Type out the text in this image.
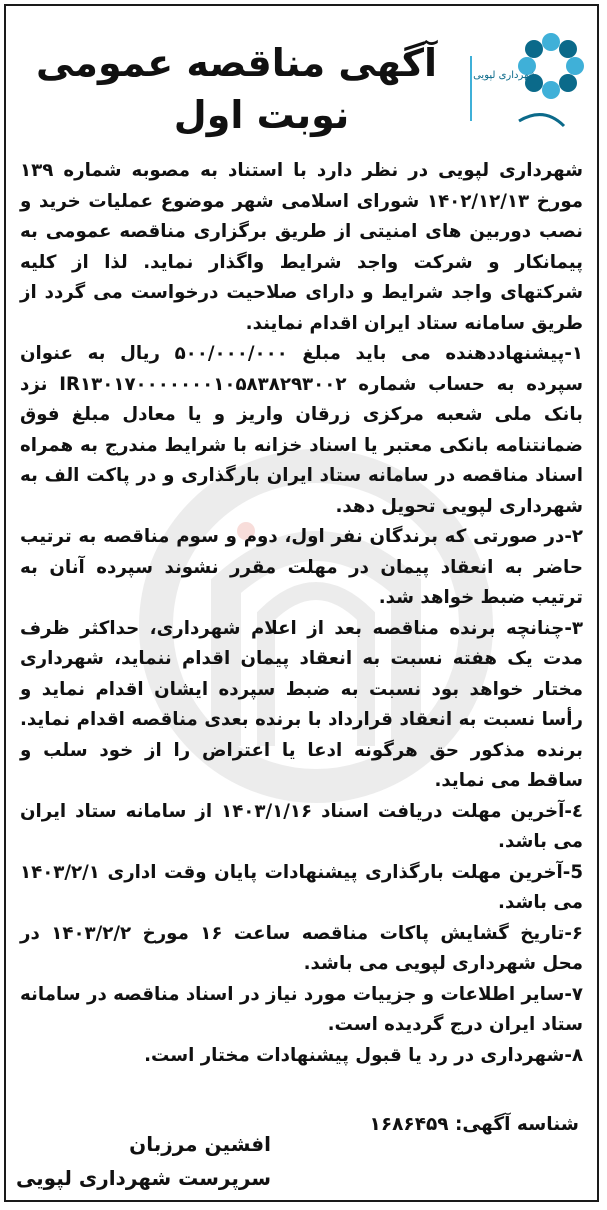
شهرداری لپویی
آگهی مناقصه عمومی
نوبت اول

شهرداری لپویی در نظر دارد با استناد به مصوبه شماره ۱۳۹ مورخ ۱۴۰۲/۱۲/۱۳ شورای اسلامی شهر موضوع عملیات خرید و نصب دوربین های امنیتی از طریق برگزاری مناقصه عمومی به پیمانکار و شرکت واجد شرایط واگذار نماید. لذا از کلیه شرکتهای واجد شرایط و دارای صلاحیت درخواست می گردد از طریق سامانه ستاد ایران اقدام نمایند.

۱-پیشنهاددهنده می باید مبلغ ۵۰۰/۰۰۰/۰۰۰ ریال به عنوان سپرده به حساب شماره IR۱۳۰۱۷۰۰۰۰۰۰۰۱۰۵۸۳۸۲۹۳۰۰۲ نزد بانک ملی شعبه مرکزی زرقان واریز و یا معادل مبلغ فوق ضمانتنامه بانکی معتبر یا اسناد خزانه با شرایط مندرج به همراه اسناد مناقصه در سامانه ستاد ایران بارگذاری و در پاکت الف به شهرداری لپویی تحویل دهد.

۲-در صورتی که برندگان نفر اول، دوم و سوم مناقصه به ترتیب حاضر به انعقاد پیمان در مهلت مقرر نشوند سپرده آنان به ترتیب ضبط خواهد شد.

۳-چنانچه برنده مناقصه بعد از اعلام شهرداری، حداکثر ظرف مدت یک هفته نسبت به انعقاد پیمان اقدام ننماید، شهرداری مختار خواهد بود نسبت به ضبط سپرده ایشان اقدام نماید و رأسا نسبت به انعقاد قرارداد با برنده بعدی مناقصه اقدام نماید. برنده مذکور حق هرگونه ادعا یا اعتراض را از خود سلب و ساقط می نماید.

٤-آخرین مهلت دریافت اسناد ۱۴۰۳/۱/۱۶ از سامانه ستاد ایران می باشد.

5-آخرین مهلت بارگذاری پیشنهادات پایان وقت اداری ۱۴۰۳/۲/۱ می باشد.

۶-تاریخ گشایش پاکات مناقصه ساعت ۱۶ مورخ ۱۴۰۳/۲/۲ در محل شهرداری لپویی می باشد.

۷-سایر اطلاعات و جزییات مورد نیاز در اسناد مناقصه در سامانه ستاد ایران درج گردیده است.

۸-شهرداری در رد یا قبول پیشنهادات مختار است.

شناسه آگهی: ۱۶۸۶۴۵۹
افشین مرزبان
سرپرست شهرداری لپویی
